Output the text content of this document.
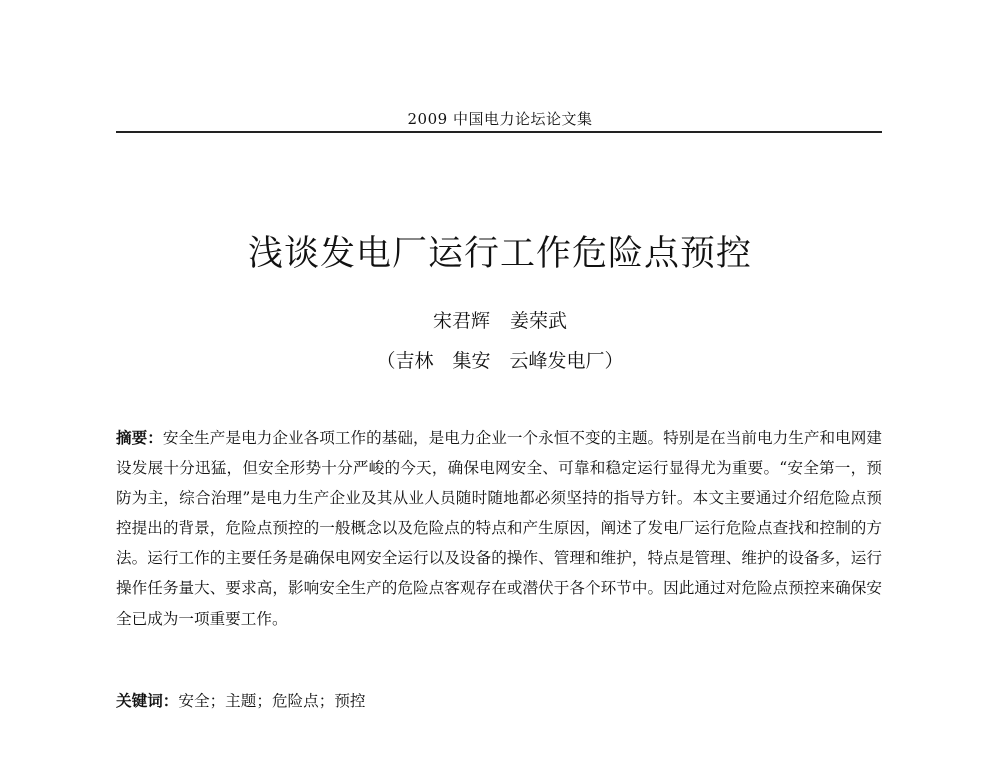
2009 中国电力论坛论文集
浅谈发电厂运行工作危险点预控
宋君辉 姜荣武
（吉林　集安　云峰发电厂）

摘要：安全生产是电力企业各项工作的基础，是电力企业一个永恒不变的主题。特别是在当前电力生产和电网建设发展十分迅猛，但安全形势十分严峻的今天，确保电网安全、可靠和稳定运行显得尤为重要。“安全第一，预防为主，综合治理”是电力生产企业及其从业人员随时随地都必须坚持的指导方针。本文主要通过介绍危险点预控提出的背景，危险点预控的一般概念以及危险点的特点和产生原因，阐述了发电厂运行危险点查找和控制的方法。运行工作的主要任务是确保电网安全运行以及设备的操作、管理和维护，特点是管理、维护的设备多，运行操作任务量大、要求高，影响安全生产的危险点客观存在或潜伏于各个环节中。因此通过对危险点预控来确保安全已成为一项重要工作。

关键词：安全；主题；危险点；预控
